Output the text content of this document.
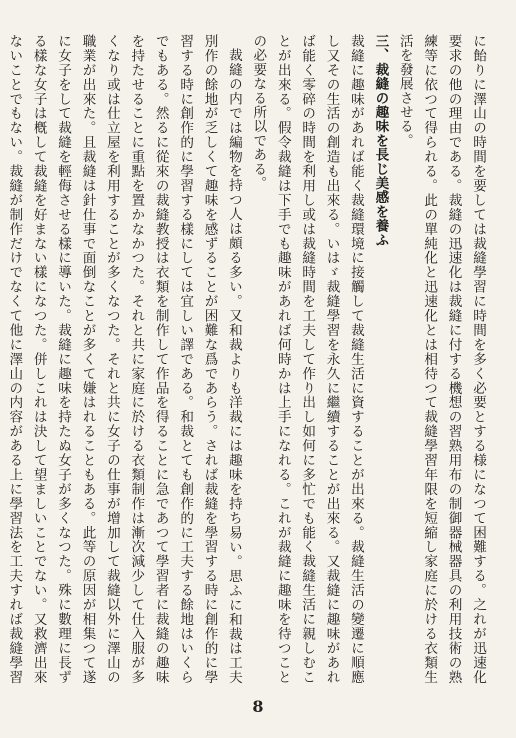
に飴りに澤山の時間を要しては裁縫學習に時間を多く必要とする様になつて困難する。之れが迅速化要求の他の理由である。裁縫の迅速化は裁縫に付する機想の習熟用布の制御器械器具の利用技術の熟練等に依つて得られる。此の單純化と迅速化とは相待つて裁縫學習年限を短縮し家庭に於ける衣類生活を發展させる。

三、裁縫の趣味を長じ美感を養ふ

裁縫に趣味があれば能く裁縫環境に接觸して裁縫生活に資することが出來る。裁縫生活の變遷に順應し又その生活の創造も出來る。いはゞ裁縫學習を永久に繼續することが出來る。又裁縫に趣味があれば能く零碎の時間を利用し或は裁縫時間を工夫して作り出し如何に多忙でも能く裁縫生活に親しむことが出來る。假令裁縫は下手でも趣味があれば何時かは上手になれる。これが裁縫に趣味を待つことの必要なる所以である。

裁縫の内では編物を持つ人は頗る多い。又和裁よりも洋裁には趣味を持ち易い。思ふに和裁は工夫別作の餘地が乏しくて趣味を感ずることが困難な爲であらう。されば裁縫を學習する時に創作的に學習する時に創作的に學習する樣にしては宜しい譯である。和裁とても創作的に工夫する餘地はいくらでもある。然るに從來の裁縫教授は衣類を制作して作品を得ることに急であつて學習者に裁縫の趣味を持たせることに重點を置かなかつた。それと共に家庭に於ける衣類制作は漸次減少して仕入服が多くなり或は仕立屋を利用することが多くなつた。それと共に女子の仕事が增加して裁縫以外に澤山の職業が出來た。且裁縫は針仕事で面倒なことが多くて嫌はれることもある。此等の原因が相集つて遂に女子をして裁縫を輕侮させる樣に導いた。裁縫に趣味を持たぬ女子が多くなつた。殊に數理に長ずる樣な女子は槪して裁縫を好まない樣になつた。併しこれは決して望ましいことでない。又救濟出來ないことでもない。裁縫が制作だけでなくて他に澤山の内容がある上に學習法を工夫すれば裁縫學習

8
